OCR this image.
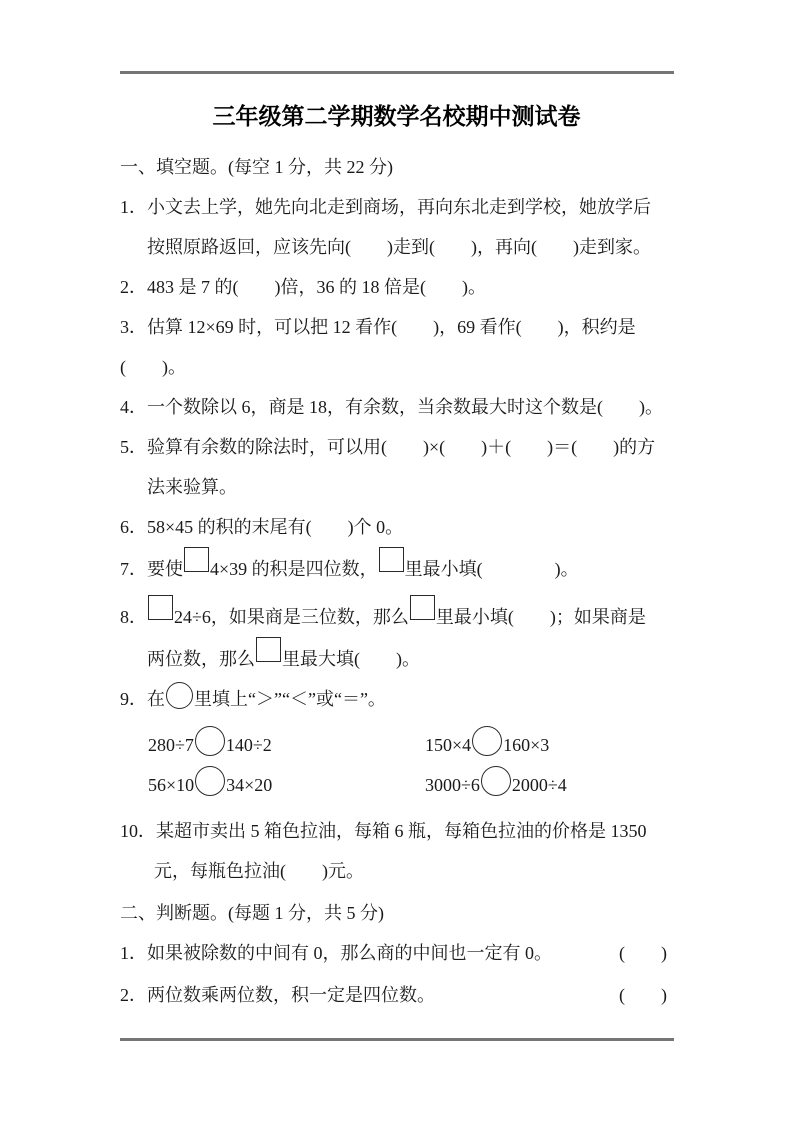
三年级第二学期数学名校期中测试卷
一、填空题。(每空 1 分，共 22 分)
1．小文去上学，她先向北走到商场，再向东北走到学校，她放学后
按照原路返回，应该先向(　　)走到(　　)，再向(　　)走到家。
2．483 是 7 的(　　)倍，36 的 18 倍是(　　)。
3．估算 12×69 时，可以把 12 看作(　　)，69 看作(　　)，积约是
(　　)。
4．一个数除以 6，商是 18，有余数，当余数最大时这个数是(　　)。
5．验算有余数的除法时，可以用(　　)×(　　)＋(　　)＝(　　)的方
法来验算。
6．58×45 的积的末尾有(　　)个 0。
7．要使 4×39 的积是四位数， 里最小填(　　　　)。
8． 24÷6，如果商是三位数，那么 里最小填(　　)；如果商是
两位数，那么 里最大填(　　)。
9．在 里填上“＞”“＜”或“＝”。
280÷7 140÷2	150×4 160×3
56×10 34×20	3000÷6 2000÷4
10．某超市卖出 5 箱色拉油，每箱 6 瓶，每箱色拉油的价格是 1350
元，每瓶色拉油(　　)元。
二、判断题。(每题 1 分，共 5 分)
1．如果被除数的中间有 0，那么商的中间也一定有 0。	(　　)
2．两位数乘两位数，积一定是四位数。	(　　)
